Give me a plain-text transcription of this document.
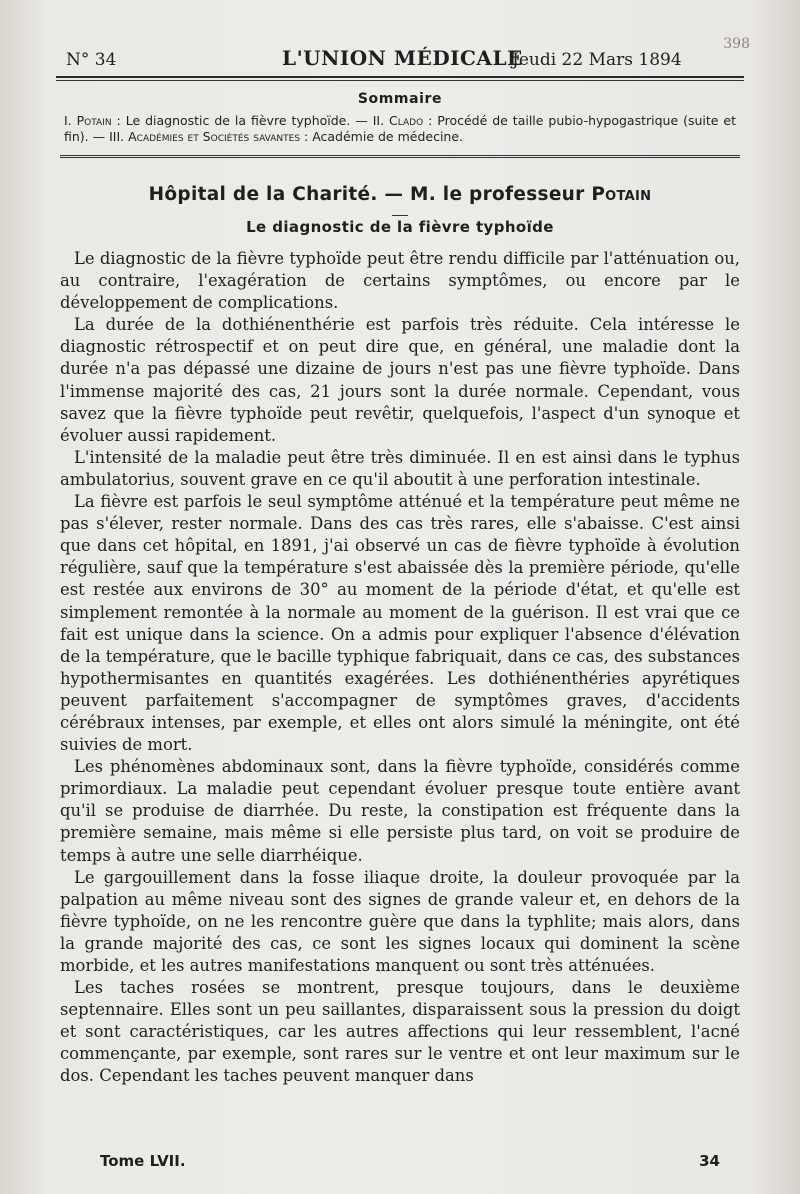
N° 34	L'UNION MÉDICALE
Jeudi 22 Mars 1894
398
Sommaire
I. Potain : Le diagnostic de la fièvre typhoïde. — II. Clado : Procédé de taille pubio-hypogastrique (suite et fin). — III. Académies et Sociétés savantes : Académie de médecine.
Hôpital de la Charité. — M. le professeur Potain
Le diagnostic de la fièvre typhoïde

Le diagnostic de la fièvre typhoïde peut être rendu difficile par l'atténuation ou, au contraire, l'exagération de certains symptômes, ou encore par le développement de complications.

La durée de la dothiénenthérie est parfois très réduite. Cela intéresse le diagnostic rétrospectif et on peut dire que, en général, une maladie dont la durée n'a pas dépassé une dizaine de jours n'est pas une fièvre typhoïde. Dans l'immense majorité des cas, 21 jours sont la durée normale. Cependant, vous savez que la fièvre typhoïde peut revêtir, quelquefois, l'aspect d'un synoque et évoluer aussi rapidement.

L'intensité de la maladie peut être très diminuée. Il en est ainsi dans le typhus ambulatorius, souvent grave en ce qu'il aboutit à une perforation intestinale.

La fièvre est parfois le seul symptôme atténué et la température peut même ne pas s'élever, rester normale. Dans des cas très rares, elle s'abaisse. C'est ainsi que dans cet hôpital, en 1891, j'ai observé un cas de fièvre typhoïde à évolution régulière, sauf que la température s'est abaissée dès la première période, qu'elle est restée aux environs de 30° au moment de la période d'état, et qu'elle est simplement remontée à la normale au moment de la guérison. Il est vrai que ce fait est unique dans la science. On a admis pour expliquer l'absence d'élévation de la température, que le bacille typhique fabriquait, dans ce cas, des substances hypothermisantes en quantités exagérées. Les dothiénenthéries apyrétiques peuvent parfaitement s'accompagner de symptômes graves, d'accidents cérébraux intenses, par exemple, et elles ont alors simulé la méningite, ont été suivies de mort.

Les phénomènes abdominaux sont, dans la fièvre typhoïde, considérés comme primordiaux. La maladie peut cependant évoluer presque toute entière avant qu'il se produise de diarrhée. Du reste, la constipation est fréquente dans la première semaine, mais même si elle persiste plus tard, on voit se produire de temps à autre une selle diarrhéique.

Le gargouillement dans la fosse iliaque droite, la douleur provoquée par la palpation au même niveau sont des signes de grande valeur et, en dehors de la fièvre typhoïde, on ne les rencontre guère que dans la typhlite; mais alors, dans la grande majorité des cas, ce sont les signes locaux qui dominent la scène morbide, et les autres manifestations manquent ou sont très atténuées.

Les taches rosées se montrent, presque toujours, dans le deuxième septennaire. Elles sont un peu saillantes, disparaissent sous la pression du doigt et sont caractéristiques, car les autres affections qui leur ressemblent, l'acné commençante, par exemple, sont rares sur le ventre et ont leur maximum sur le dos. Cependant les taches peuvent manquer dans

Tome LVII.	34
